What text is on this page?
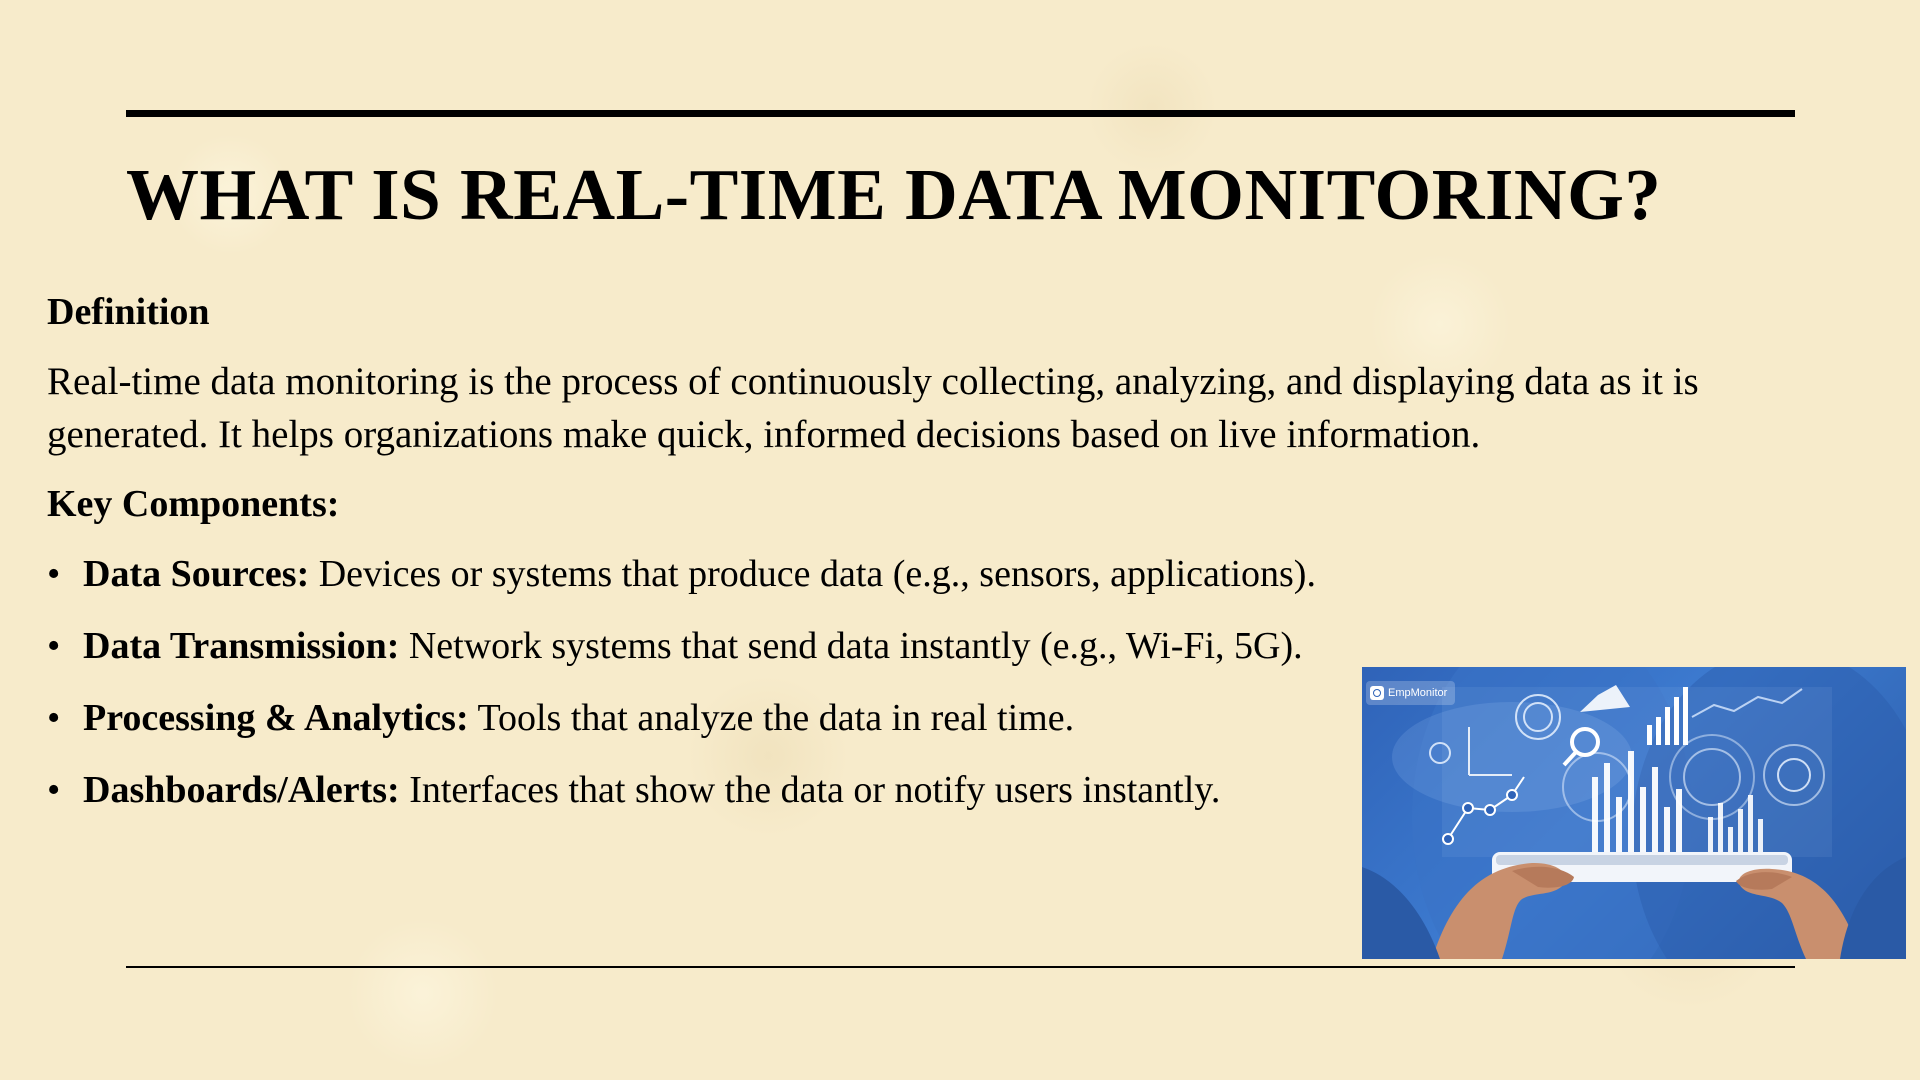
WHAT IS REAL-TIME DATA MONITORING?
Definition

Real-time data monitoring is the process of continuously collecting, analyzing, and displaying data as it is generated. It helps organizations make quick, informed decisions based on live information.

Key Components:
• Data Sources: Devices or systems that produce data (e.g., sensors, applications).
• Data Transmission: Network systems that send data instantly (e.g., Wi-Fi, 5G).
• Processing & Analytics: Tools that analyze the data in real time.
• Dashboards/Alerts: Interfaces that show the data or notify users instantly.
EmpMonitor
